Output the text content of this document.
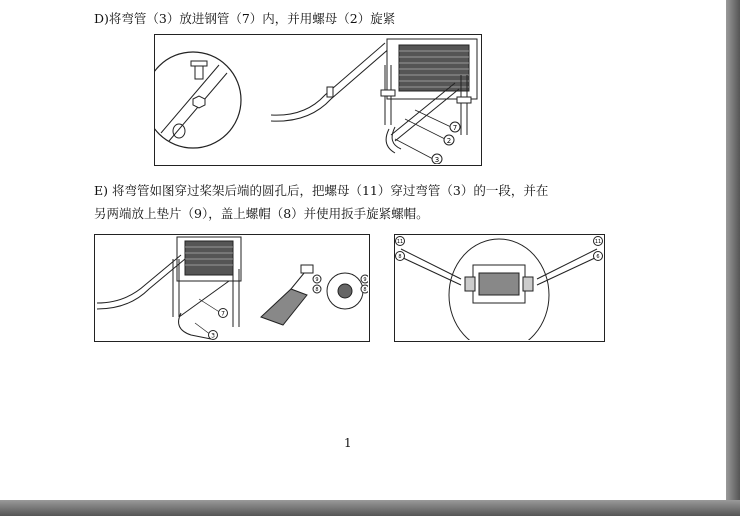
D)将弯管（3）放进钢管（7）内，并用螺母（2）旋紧
7
2
3
E) 将弯管如图穿过桨架后端的圆孔后，把螺母（11）穿过弯管（3）的一段，并在
另两端放上垫片（9），盖上螺帽（8）并使用扳手旋紧螺帽。
7
3
9
8
9
8
11	11
8	6
1
